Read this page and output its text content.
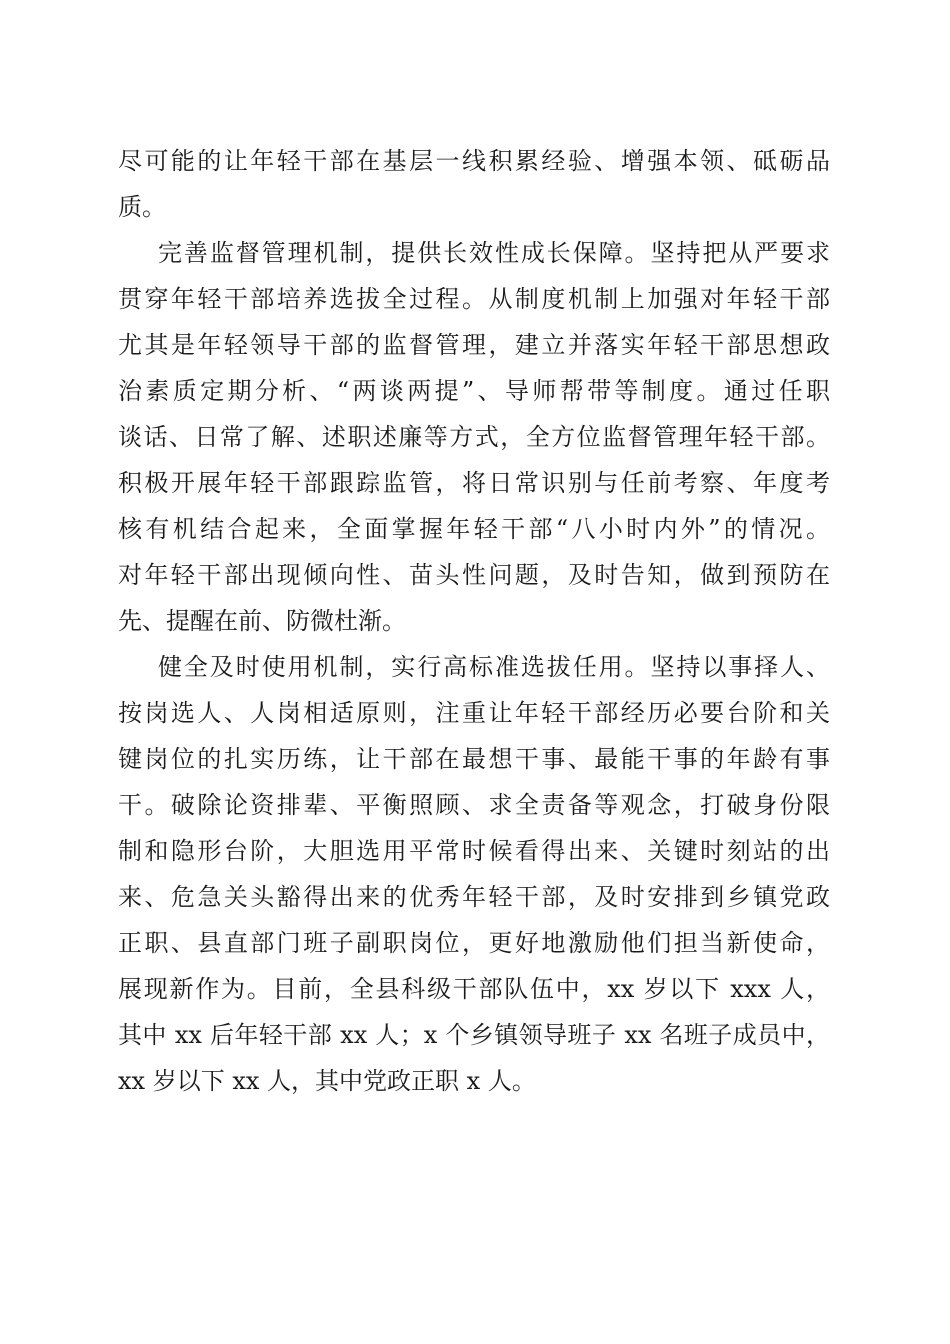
尽可能的让年轻干部在基层一线积累经验、增强本领、砥砺品
质。
完善监督管理机制，提供长效性成长保障。坚持把从严要求
贯穿年轻干部培养选拔全过程。从制度机制上加强对年轻干部
尤其是年轻领导干部的监督管理，建立并落实年轻干部思想政
治素质定期分析、“两谈两提”、导师帮带等制度。通过任职
谈话、日常了解、述职述廉等方式，全方位监督管理年轻干部。
积极开展年轻干部跟踪监管，将日常识别与任前考察、年度考
核有机结合起来，全面掌握年轻干部“八小时内外”的情况。
对年轻干部出现倾向性、苗头性问题，及时告知，做到预防在
先、提醒在前、防微杜渐。
健全及时使用机制，实行高标准选拔任用。坚持以事择人、
按岗选人、人岗相适原则，注重让年轻干部经历必要台阶和关
键岗位的扎实历练，让干部在最想干事、最能干事的年龄有事
干。破除论资排辈、平衡照顾、求全责备等观念，打破身份限
制和隐形台阶，大胆选用平常时候看得出来、关键时刻站的出
来、危急关头豁得出来的优秀年轻干部，及时安排到乡镇党政
正职、县直部门班子副职岗位，更好地激励他们担当新使命，
展现新作为。目前，全县科级干部队伍中，xx 岁以下 xxx 人，
其中 xx 后年轻干部 xx 人；x 个乡镇领导班子 xx 名班子成员中，
xx 岁以下 xx 人，其中党政正职 x 人。
